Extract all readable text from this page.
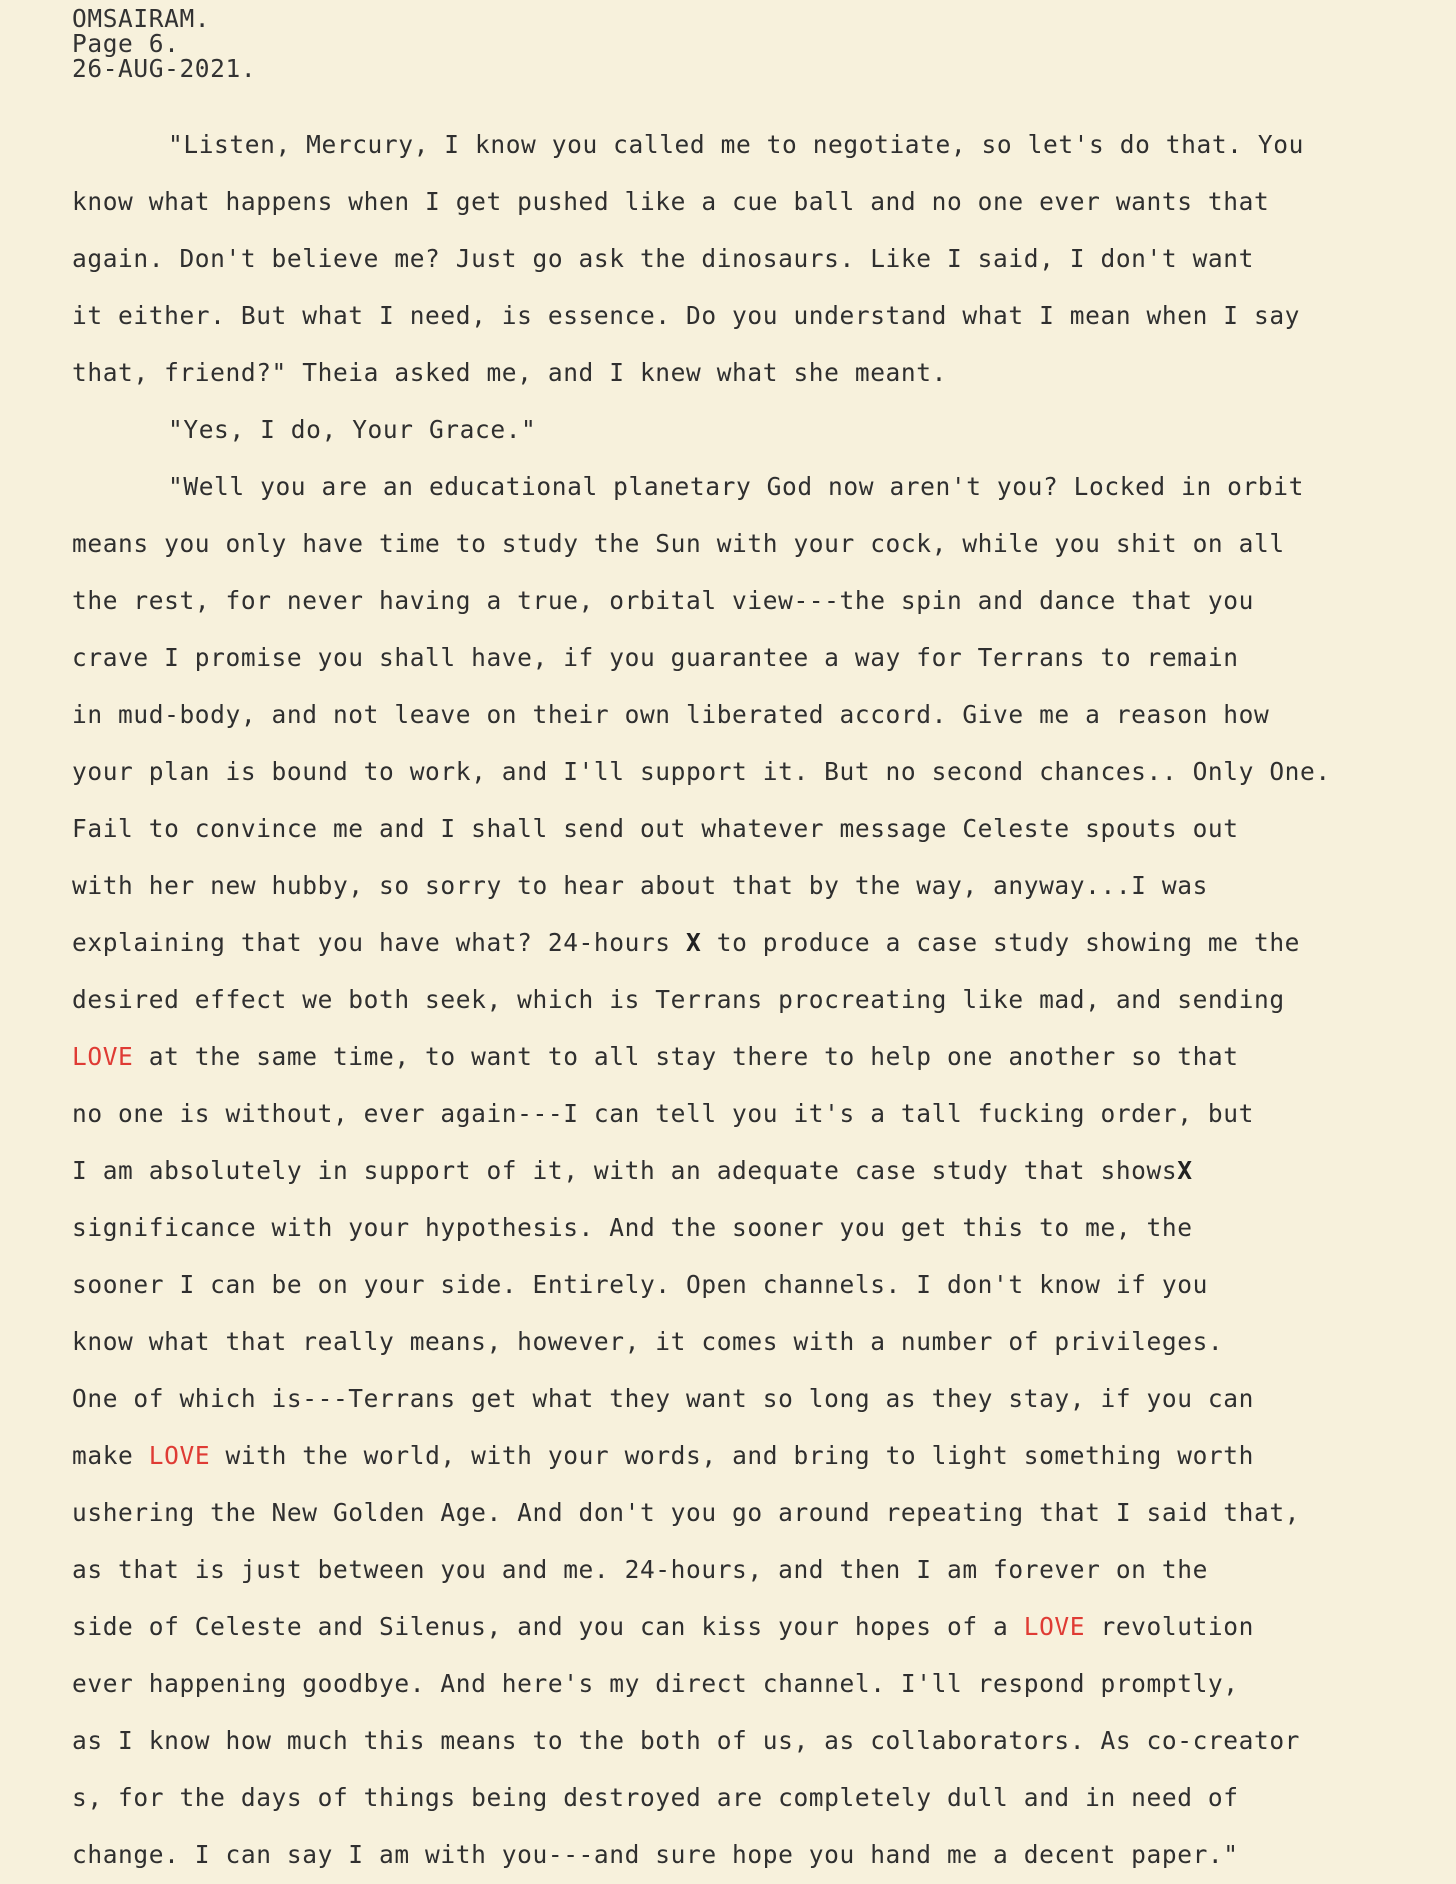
OMSAIRAM.
Page 6.
26-AUG-2021.
"Listen, Mercury, I know you called me to negotiate, so let's do that. You
know what happens when I get pushed like a cue ball and no one ever wants that
again. Don't believe me? Just go ask the dinosaurs. Like I said, I don't want
it either. But what I need, is essence. Do you understand what I mean when I say
that, friend?" Theia asked me, and I knew what she meant.
"Yes, I do, Your Grace."
"Well you are an educational planetary God now aren't you? Locked in orbit
means you only have time to study the Sun with your cock, while you shit on all
the rest, for never having a true, orbital view---the spin and dance that you
crave I promise you shall have, if you guarantee a way for Terrans to remain
in mud-body, and not leave on their own liberated accord. Give me a reason how
your plan is bound to work, and I'll support it. But no second chances.. Only One.
Fail to convince me and I shall send out whatever message Celeste spouts out
with her new hubby, so sorry to hear about that by the way, anyway...I was
explaining that you have what? 24-hours X to produce a case study showing me the
desired effect we both seek, which is Terrans procreating like mad, and sending
LOVE at the same time, to want to all stay there to help one another so that
no one is without, ever again---I can tell you it's a tall fucking order, but
I am absolutely in support of it, with an adequate case study that showsX
significance with your hypothesis. And the sooner you get this to me, the
sooner I can be on your side. Entirely. Open channels. I don't know if you
know what that really means, however, it comes with a number of privileges.
One of which is---Terrans get what they want so long as they stay, if you can
make LOVE with the world, with your words, and bring to light something worth
ushering the New Golden Age. And don't you go around repeating that I said that,
as that is just between you and me. 24-hours, and then I am forever on the
side of Celeste and Silenus, and you can kiss your hopes of a LOVE revolution
ever happening goodbye. And here's my direct channel. I'll respond promptly,
as I know how much this means to the both of us, as collaborators. As co-creator
s, for the days of things being destroyed are completely dull and in need of
change. I can say I am with you---and sure hope you hand me a decent paper."
